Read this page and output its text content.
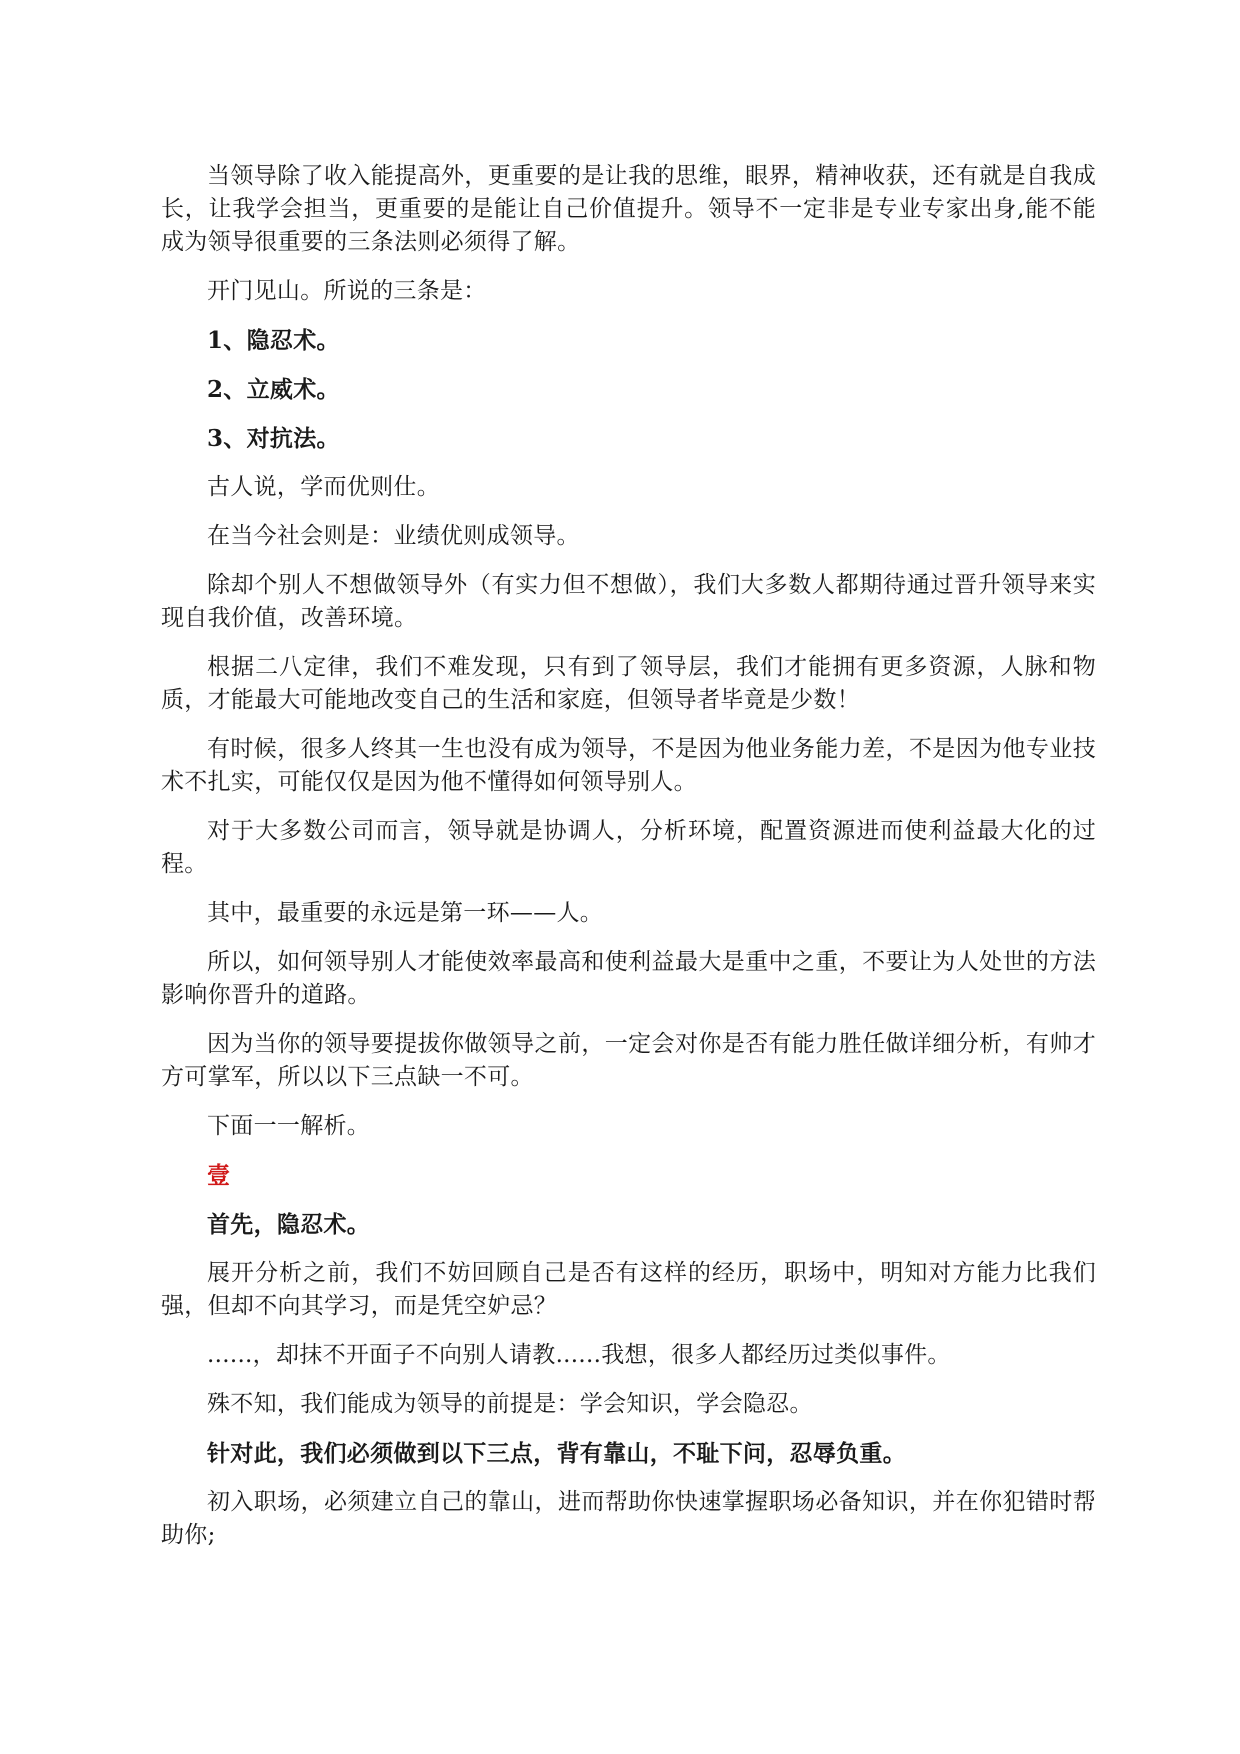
当领导除了收入能提高外，更重要的是让我的思维，眼界，精神收获，还有就是自我成长，让我学会担当，更重要的是能让自己价值提升。领导不一定非是专业专家出身,能不能成为领导很重要的三条法则必须得了解。

开门见山。所说的三条是：

1、隐忍术。

2、立威术。

3、对抗法。

古人说，学而优则仕。

在当今社会则是：业绩优则成领导。

除却个别人不想做领导外（有实力但不想做），我们大多数人都期待通过晋升领导来实现自我价值，改善环境。

根据二八定律，我们不难发现，只有到了领导层，我们才能拥有更多资源，人脉和物质，才能最大可能地改变自己的生活和家庭，但领导者毕竟是少数！

有时候，很多人终其一生也没有成为领导，不是因为他业务能力差，不是因为他专业技术不扎实，可能仅仅是因为他不懂得如何领导别人。

对于大多数公司而言，领导就是协调人，分析环境，配置资源进而使利益最大化的过程。

其中，最重要的永远是第一环——人。

所以，如何领导别人才能使效率最高和使利益最大是重中之重，不要让为人处世的方法影响你晋升的道路。

因为当你的领导要提拔你做领导之前，一定会对你是否有能力胜任做详细分析，有帅才方可掌军，所以以下三点缺一不可。

下面一一解析。

壹

首先，隐忍术。

展开分析之前，我们不妨回顾自己是否有这样的经历，职场中，明知对方能力比我们强，但却不向其学习，而是凭空妒忌？

......，却抹不开面子不向别人请教......我想，很多人都经历过类似事件。

殊不知，我们能成为领导的前提是：学会知识，学会隐忍。

针对此，我们必须做到以下三点，背有靠山，不耻下问，忍辱负重。

初入职场，必须建立自己的靠山，进而帮助你快速掌握职场必备知识，并在你犯错时帮助你;
